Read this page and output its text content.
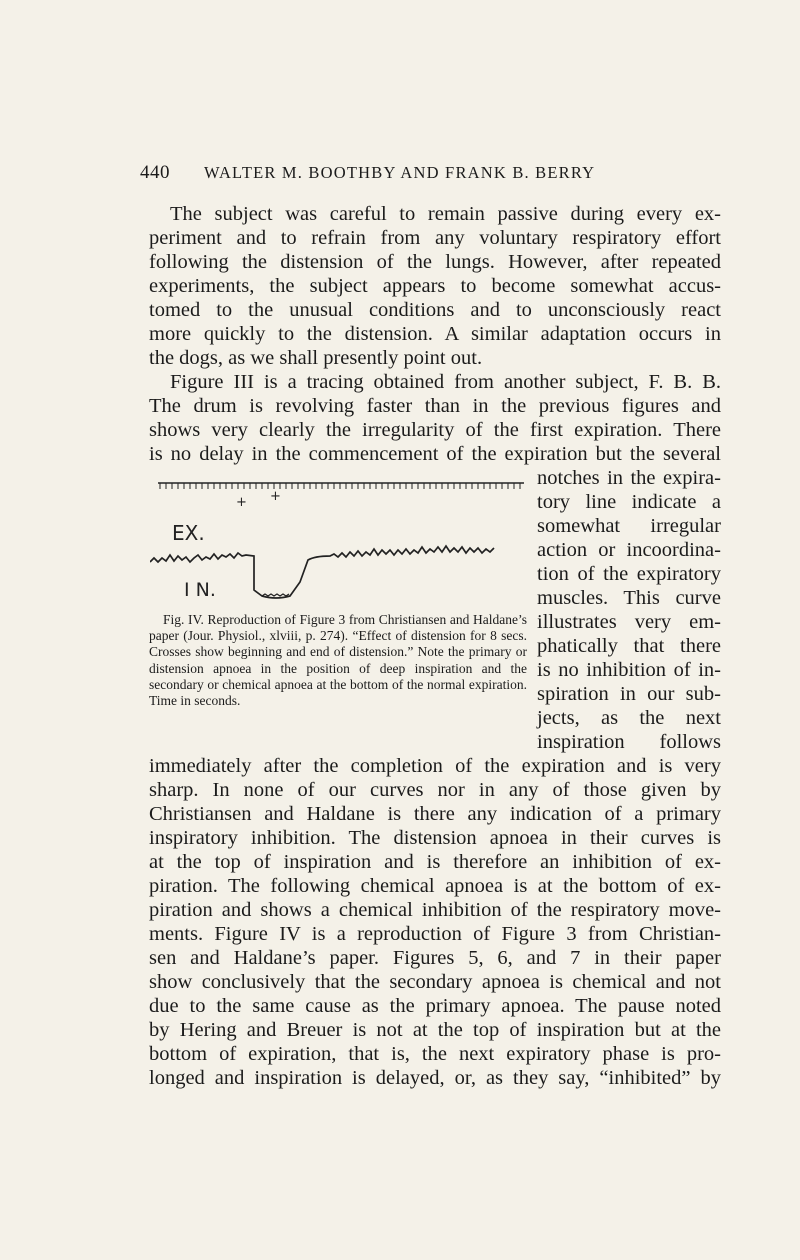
440 WALTER M. BOOTHBY AND FRANK B. BERRY
The subject was careful to remain passive during every ex-
periment and to refrain from any voluntary respiratory effort
following the distension of the lungs. However, after repeated
experiments, the subject appears to become somewhat accus-
tomed to the unusual conditions and to unconsciously react
more quickly to the distension. A similar adaptation occurs in
the dogs, as we shall presently point out.
Figure III is a tracing obtained from another subject, F. B. B.
The drum is revolving faster than in the previous figures and
shows very clearly the irregularity of the first expiration. There
is no delay in the commencement of the expiration but the several
notches in the expira-
tory line indicate a
somewhat irregular
action or incoordina-
tion of the expiratory
muscles. This curve
illustrates very em-
phatically that there
is no inhibition of in-
spiration in our sub-
jects, as the next
inspiration follows
immediately after the completion of the expiration and is very
sharp. In none of our curves nor in any of those given by
Christiansen and Haldane is there any indication of a primary
inspiratory inhibition. The distension apnoea in their curves is
at the top of inspiration and is therefore an inhibition of ex-
piration. The following chemical apnoea is at the bottom of ex-
piration and shows a chemical inhibition of the respiratory move-
ments. Figure IV is a reproduction of Figure 3 from Christian-
sen and Haldane’s paper. Figures 5, 6, and 7 in their paper
show conclusively that the secondary apnoea is chemical and not
due to the same cause as the primary apnoea. The pause noted
by Hering and Breuer is not at the top of inspiration but at the
bottom of expiration, that is, the next expiratory phase is pro-
longed and inspiration is delayed, or, as they say, “inhibited” by
+ +
EX.
I N.
Fig. IV. Reproduction of Figure 3 from Christiansen and Haldane’s paper (Jour. Physiol., xlviii, p. 274). “Effect of distension for 8 secs. Crosses show beginning and end of distension.” Note the primary or distension apnoea in the position of deep inspiration and the secondary or chemical apnoea at the bottom of the normal expiration. Time in seconds.
